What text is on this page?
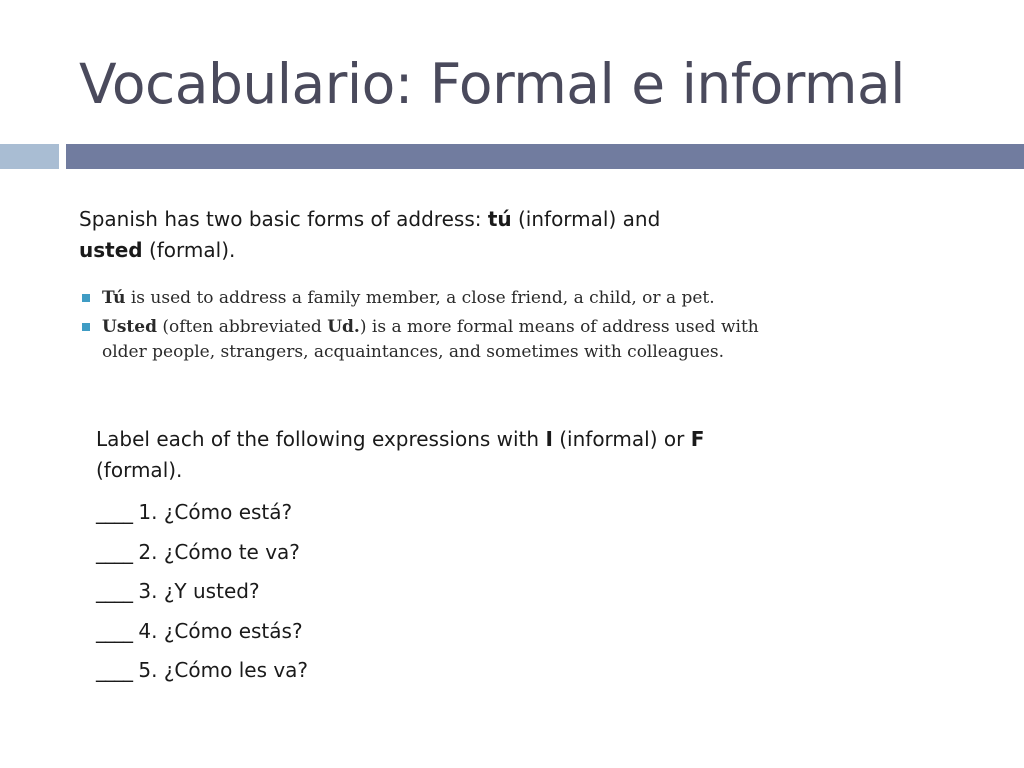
Vocabulario: Formal e informal

Spanish has two basic forms of address: tú (informal) and
usted (formal).

Tú is used to address a family member, a close friend, a child, or a pet.
Usted (often abbreviated Ud.) is a more formal means of address used with older people, strangers, acquaintances, and sometimes with colleagues.

Label each of the following expressions with I (informal) or F (formal).

____ 1. ¿Cómo está?

____ 2. ¿Cómo te va?

____ 3. ¿Y usted?

____ 4. ¿Cómo estás?

____ 5. ¿Cómo les va?
